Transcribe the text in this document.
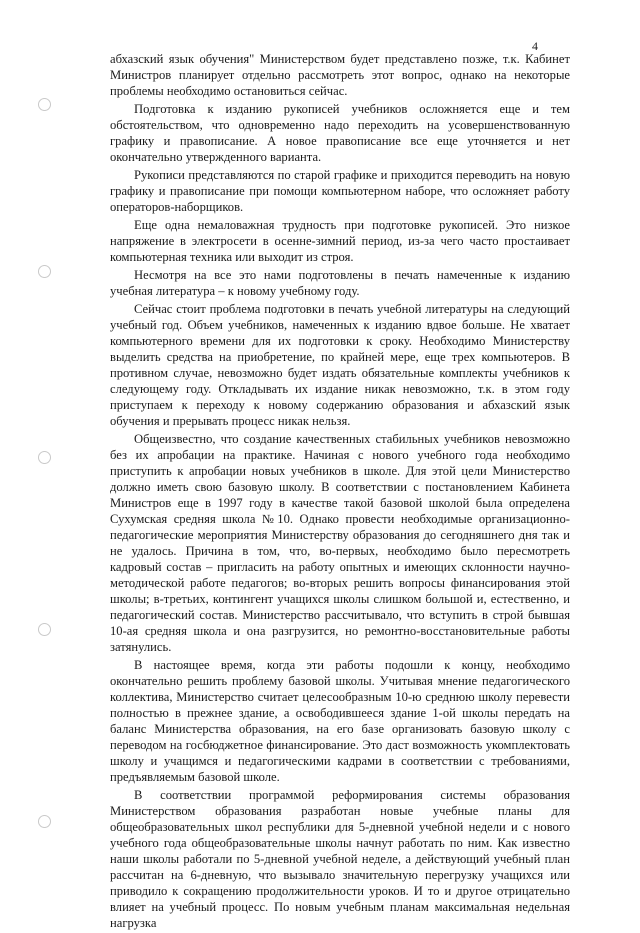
4

абхазский язык обучения" Министерством будет представлено позже, т.к. Кабинет Министров планирует отдельно рассмотреть этот вопрос, однако на некоторые проблемы необходимо остановиться сейчас.

Подготовка к изданию рукописей учебников осложняется еще и тем обстоятельством, что одновременно надо переходить на усовершенствованную графику и правописание. А новое правописание все еще уточняется и нет окончательно утвержденного варианта.

Рукописи представляются по старой графике и приходится переводить на новую графику и правописание при помощи компьютерном наборе, что осложняет работу операторов-наборщиков.

Еще одна немаловажная трудность при подготовке рукописей. Это низкое напряжение в электросети в осенне-зимний период, из-за чего часто простаивает компьютерная техника или выходит из строя.

Несмотря на все это нами подготовлены в печать намеченные к изданию учебная литература – к новому учебному году.

Сейчас стоит проблема подготовки в печать учебной литературы на следующий учебный год. Объем учебников, намеченных к изданию вдвое больше. Не хватает компьютерного времени для их подготовки к сроку. Необходимо Министерству выделить средства на приобретение, по крайней мере, еще трех компьютеров. В противном случае, невозможно будет издать обязательные комплекты учебников к следующему году. Откладывать их издание никак невозможно, т.к. в этом году приступаем к переходу к новому содержанию образования и абхазский язык обучения и прерывать процесс никак нельзя.

Общеизвестно, что создание качественных стабильных учебников невозможно без их апробации на практике. Начиная с нового учебного года необходимо приступить к апробации новых учебников в школе. Для этой цели Министерство должно иметь свою базовую школу. В соответствии с постановлением Кабинета Министров еще в 1997 году в качестве такой базовой школой была определена Сухумская средняя школа №10. Однако провести необходимые организационно-педагогические мероприятия Министерству образования до сегодняшнего дня так и не удалось. Причина в том, что, во-первых, необходимо было пересмотреть кадровый состав – пригласить на работу опытных и имеющих склонности научно-методической работе педагогов; во-вторых решить вопросы финансирования этой школы; в-третьих, контингент учащихся школы слишком большой и, естественно, и педагогический состав. Министерство рассчитывало, что вступить в строй бывшая 10-ая средняя школа и она разгрузится, но ремонтно-восстановительные работы затянулись.

В настоящее время, когда эти работы подошли к концу, необходимо окончательно решить проблему базовой школы. Учитывая мнение педагогического коллектива, Министерство считает целесообразным 10-ю среднюю школу перевести полностью в прежнее здание, а освободившееся здание 1-ой школы передать на баланс Министерства образования, на его базе организовать базовую школу с переводом на госбюджетное финансирование. Это даст возможность укомплектовать школу и учащимся и педагогическими кадрами в соответствии с требованиями, предъявляемым базовой школе.

В соответствии программой реформирования системы образования Министерством образования разработан новые учебные планы для общеобразовательных школ республики для 5-дневной учебной недели и с нового учебного года общеобразовательные школы начнут работать по ним. Как известно наши школы работали по 5-дневной учебной неделе, а действующий учебный план рассчитан на 6-дневную, что вызывало значительную перегрузку учащихся или приводило к сокращению продолжительности уроков. И то и другое отрицательно влияет на учебный процесс. По новым учебным планам максимальная недельная нагрузка
